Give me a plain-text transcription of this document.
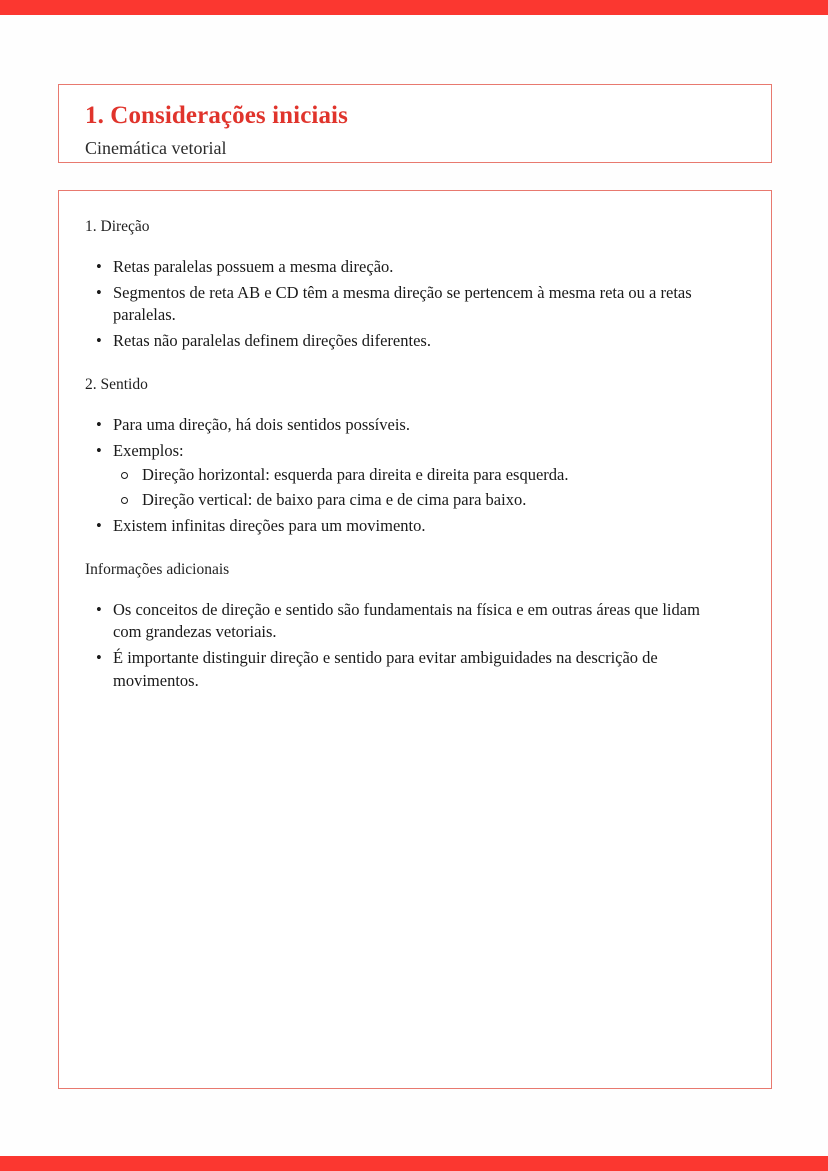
1. Considerações iniciais

Cinemática vetorial

1. Direção

• Retas paralelas possuem a mesma direção.
• Segmentos de reta AB e CD têm a mesma direção se pertencem à mesma reta ou a retas paralelas.
• Retas não paralelas definem direções diferentes.

2. Sentido

• Para uma direção, há dois sentidos possíveis.
• Exemplos:
Direção horizontal: esquerda para direita e direita para esquerda.
Direção vertical: de baixo para cima e de cima para baixo.
• Existem infinitas direções para um movimento.

Informações adicionais

• Os conceitos de direção e sentido são fundamentais na física e em outras áreas que lidam com grandezas vetoriais.
• É importante distinguir direção e sentido para evitar ambiguidades na descrição de movimentos.
